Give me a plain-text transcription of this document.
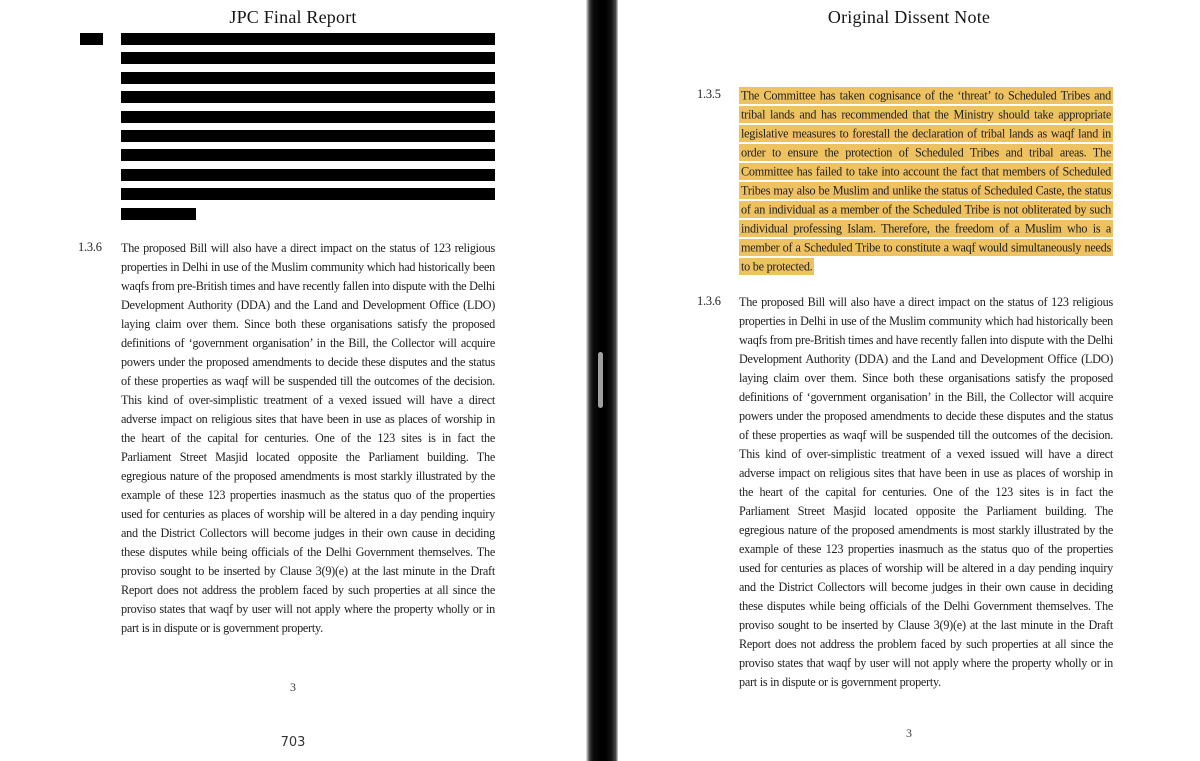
JPC Final Report
1.3.6 The proposed Bill will also have a direct impact on the status of 123 religious properties in Delhi in use of the Muslim community which had historically been waqfs from pre-British times and have recently fallen into dispute with the Delhi Development Authority (DDA) and the Land and Development Office (LDO) laying claim over them. Since both these organisations satisfy the proposed definitions of ‘government organisation’ in the Bill, the Collector will acquire powers under the proposed amendments to decide these disputes and the status of these properties as waqf will be suspended till the outcomes of the decision. This kind of over-simplistic treatment of a vexed issued will have a direct adverse impact on religious sites that have been in use as places of worship in the heart of the capital for centuries. One of the 123 sites is in fact the Parliament Street Masjid located opposite the Parliament building. The egregious nature of the proposed amendments is most starkly illustrated by the example of these 123 properties inasmuch as the status quo of the properties used for centuries as places of worship will be altered in a day pending inquiry and the District Collectors will become judges in their own cause in deciding these disputes while being officials of the Delhi Government themselves. The proviso sought to be inserted by Clause 3(9)(e) at the last minute in the Draft Report does not address the problem faced by such properties at all since the proviso states that waqf by user will not apply where the property wholly or in part is in dispute or is government property.
3
703
Original Dissent Note
1.3.5 The Committee has taken cognisance of the ‘threat’ to Scheduled Tribes and tribal lands and has recommended that the Ministry should take appropriate legislative measures to forestall the declaration of tribal lands as waqf land in order to ensure the protection of Scheduled Tribes and tribal areas. The Committee has failed to take into account the fact that members of Scheduled Tribes may also be Muslim and unlike the status of Scheduled Caste, the status of an individual as a member of the Scheduled Tribe is not obliterated by such individual professing Islam. Therefore, the freedom of a Muslim who is a member of a Scheduled Tribe to constitute a waqf would simultaneously needs to be protected.
1.3.6 The proposed Bill will also have a direct impact on the status of 123 religious properties in Delhi in use of the Muslim community which had historically been waqfs from pre-British times and have recently fallen into dispute with the Delhi Development Authority (DDA) and the Land and Development Office (LDO) laying claim over them. Since both these organisations satisfy the proposed definitions of ‘government organisation’ in the Bill, the Collector will acquire powers under the proposed amendments to decide these disputes and the status of these properties as waqf will be suspended till the outcomes of the decision. This kind of over-simplistic treatment of a vexed issued will have a direct adverse impact on religious sites that have been in use as places of worship in the heart of the capital for centuries. One of the 123 sites is in fact the Parliament Street Masjid located opposite the Parliament building. The egregious nature of the proposed amendments is most starkly illustrated by the example of these 123 properties inasmuch as the status quo of the properties used for centuries as places of worship will be altered in a day pending inquiry and the District Collectors will become judges in their own cause in deciding these disputes while being officials of the Delhi Government themselves. The proviso sought to be inserted by Clause 3(9)(e) at the last minute in the Draft Report does not address the problem faced by such properties at all since the proviso states that waqf by user will not apply where the property wholly or in part is in dispute or is government property.
3
